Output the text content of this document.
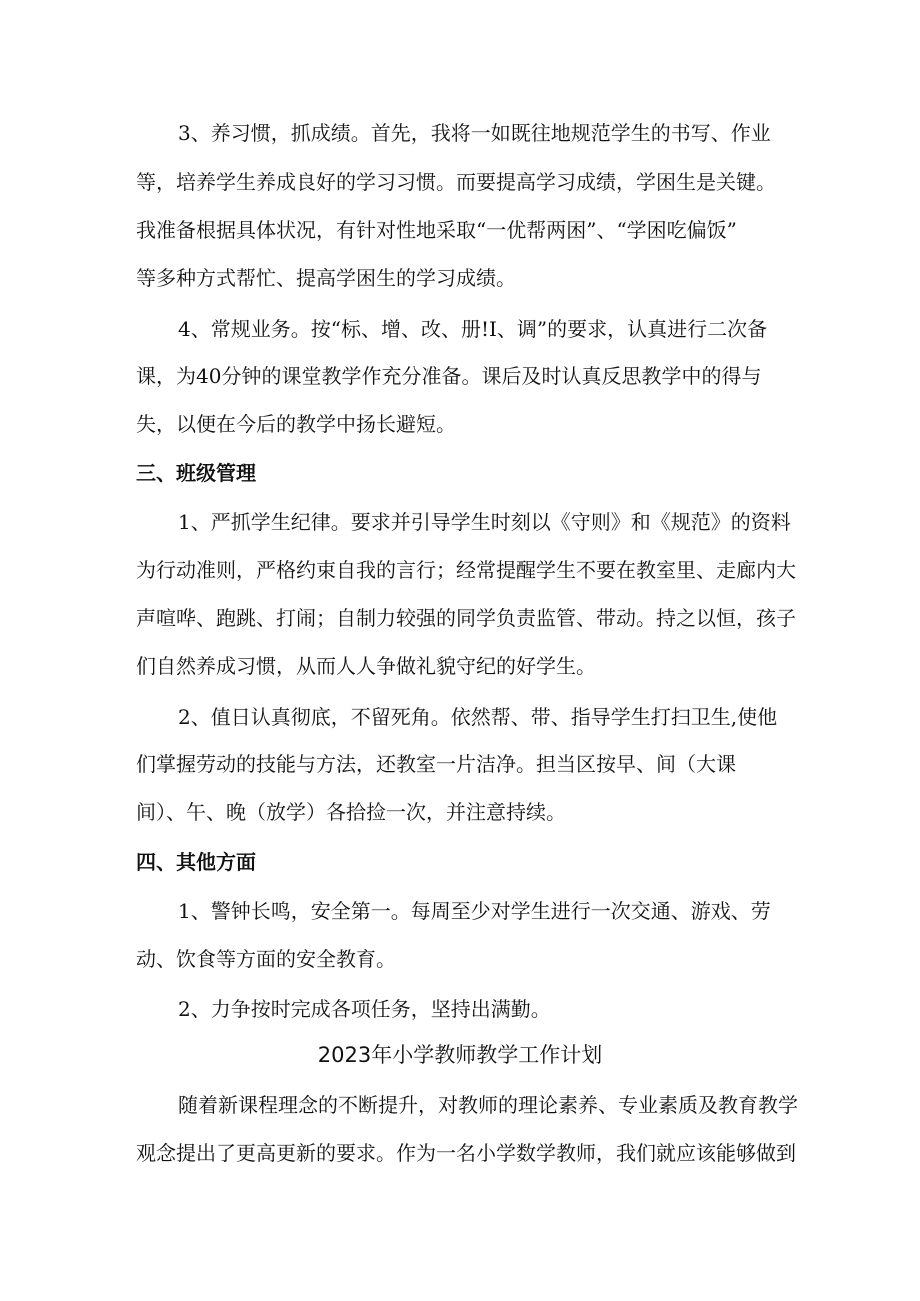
3、养习惯，抓成绩。首先，我将一如既往地规范学生的书写、作业
等，培养学生养成良好的学习习惯。而要提高学习成绩，学困生是关键。
我准备根据具体状况，有针对性地采取“一优帮两困”、“学困吃偏饭”
等多种方式帮忙、提高学困生的学习成绩。
4、常规业务。按“标、增、改、册!I、调”的要求，认真进行二次备
课，为40分钟的课堂教学作充分准备。课后及时认真反思教学中的得与
失，以便在今后的教学中扬长避短。
三、班级管理
1、严抓学生纪律。要求并引导学生时刻以《守则》和《规范》的资料
为行动准则，严格约束自我的言行；经常提醒学生不要在教室里、走廊内大
声喧哗、跑跳、打闹；自制力较强的同学负责监管、带动。持之以恒，孩子
们自然养成习惯，从而人人争做礼貌守纪的好学生。
2、值日认真彻底，不留死角。依然帮、带、指导学生打扫卫生,使他
们掌握劳动的技能与方法，还教室一片洁净。担当区按早、间（大课
间）、午、晚（放学）各拾捡一次，并注意持续。
四、其他方面
1、警钟长鸣，安全第一。每周至少对学生进行一次交通、游戏、劳
动、饮食等方面的安全教育。
2、力争按时完成各项任务，坚持出满勤。
2023年小学教师教学工作计划
随着新课程理念的不断提升，对教师的理论素养、专业素质及教育教学
观念提出了更高更新的要求。作为一名小学数学教师，我们就应该能够做到
